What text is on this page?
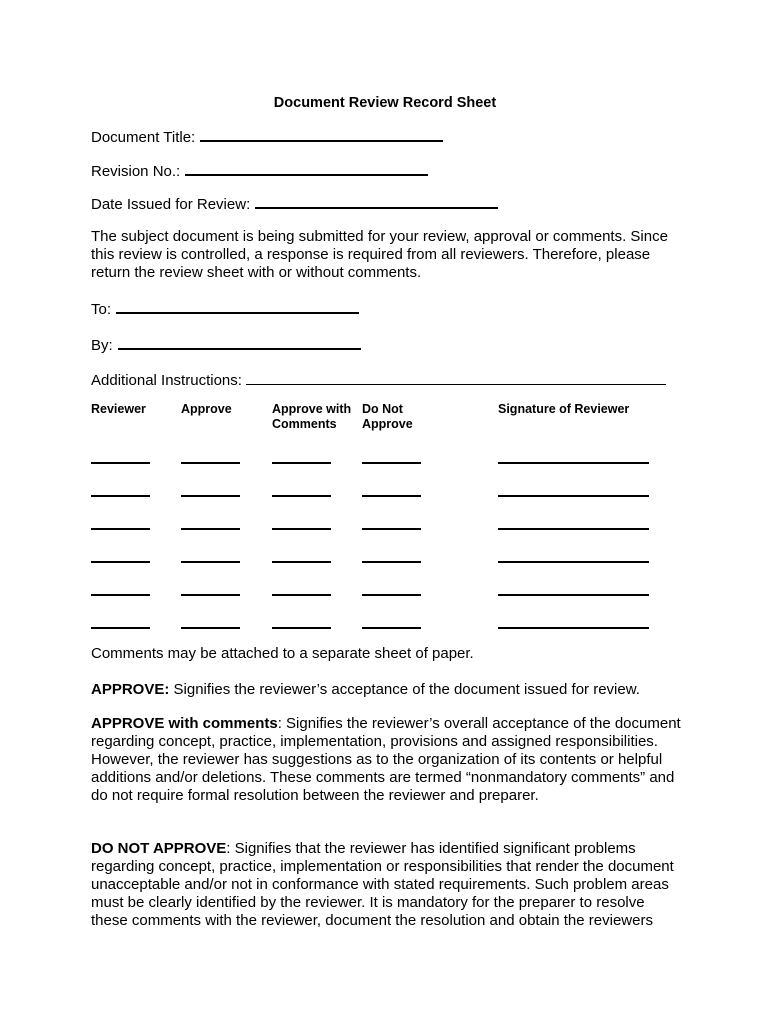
Document Review Record Sheet
Document Title:
Revision No.:
Date Issued for Review:
The subject document is being submitted for your review, approval or comments. Since this review is controlled, a response is required from all reviewers. Therefore, please return the review sheet with or without comments.
To:
By:
Additional Instructions:
Reviewer	Approve	Approve with
Comments
Do Not
Approve
Signature of Reviewer
Comments may be attached to a separate sheet of paper.
APPROVE: Signifies the reviewer’s acceptance of the document issued for review.
APPROVE with comments: Signifies the reviewer’s overall acceptance of the document regarding concept, practice, implementation, provisions and assigned responsibilities. However, the reviewer has suggestions as to the organization of its contents or helpful additions and/or deletions. These comments are termed “nonmandatory comments” and do not require formal resolution between the reviewer and preparer.
DO NOT APPROVE: Signifies that the reviewer has identified significant problems regarding concept, practice, implementation or responsibilities that render the document unacceptable and/or not in conformance with stated requirements. Such problem areas must be clearly identified by the reviewer. It is mandatory for the preparer to resolve these comments with the reviewer, document the resolution and obtain the reviewers
